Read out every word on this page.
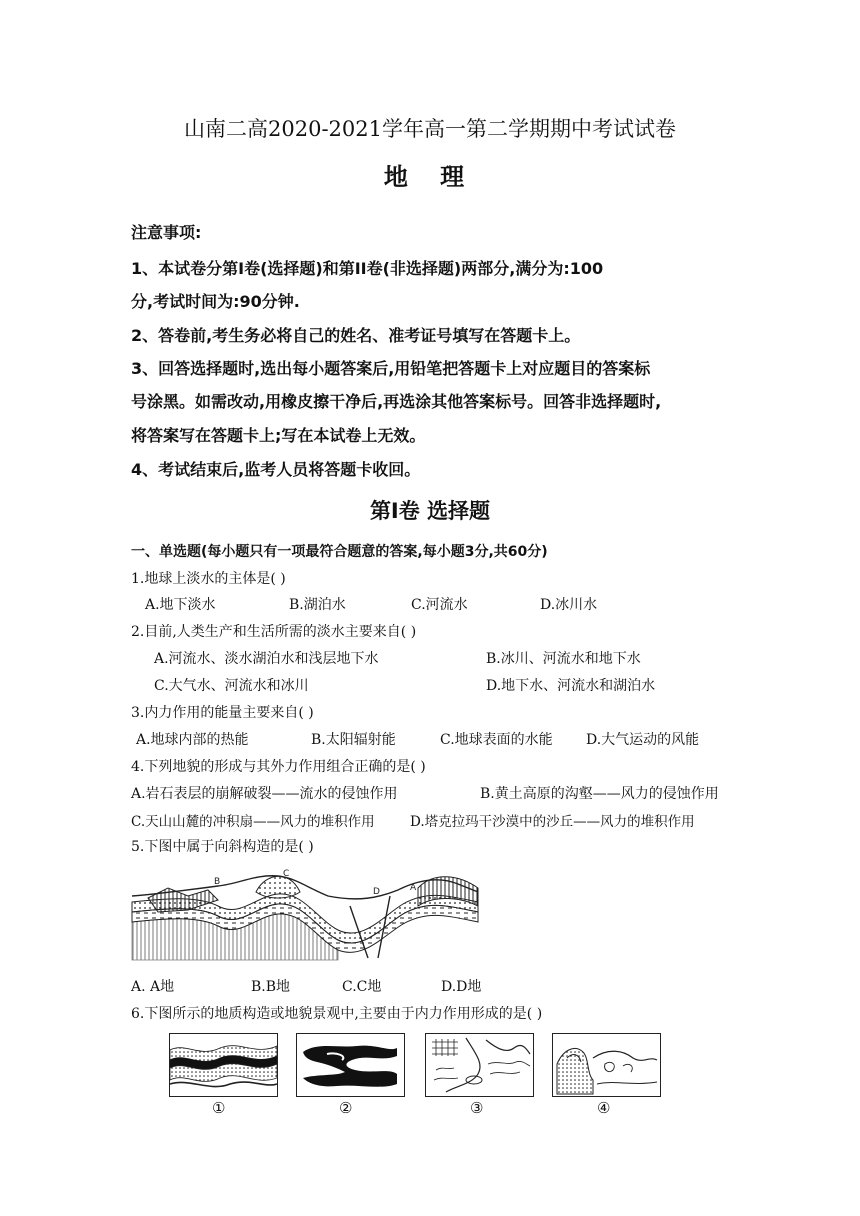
山南二高2020-2021学年高一第二学期期中考试试卷
地 理
注意事项:
1、本试卷分第Ⅰ卷(选择题)和第II卷(非选择题)两部分,满分为:100
分,考试时间为:90分钟.
2、答卷前,考生务必将自己的姓名、准考证号填写在答题卡上。
3、回答选择题时,选出每小题答案后,用铅笔把答题卡上对应题目的答案标
号涂黑。如需改动,用橡皮擦干净后,再选涂其他答案标号。回答非选择题时,
将答案写在答题卡上;写在本试卷上无效。
4、考试结束后,监考人员将答题卡收回。
第Ⅰ卷 选择题
一、单选题(每小题只有一项最符合题意的答案,每小题3分,共60分)
1.地球上淡水的主体是( )
A.地下淡水	B.湖泊水	C.河流水	D.冰川水
2.目前,人类生产和生活所需的淡水主要来自( )
A.河流水、淡水湖泊水和浅层地下水	B.冰川、河流水和地下水
C.大气水、河流水和冰川	D.地下水、河流水和湖泊水
3.内力作用的能量主要来自( )
A.地球内部的热能	B.太阳辐射能	C.地球表面的水能 D.大气运动的风能
4.下列地貌的形成与其外力作用组合正确的是( )
A.岩石表层的崩解破裂——流水的侵蚀作用	B.黄土高原的沟壑——风力的侵蚀作用
C.天山山麓的冲积扇——风力的堆积作用	D.塔克拉玛干沙漠中的沙丘——风力的堆积作用
5.下图中属于向斜构造的是( )
B
C
D	A
A. A地	B.B地	C.C地	D.D地
6.下图所示的地质构造或地貌景观中,主要由于内力作用形成的是( )
①	②	③	④
